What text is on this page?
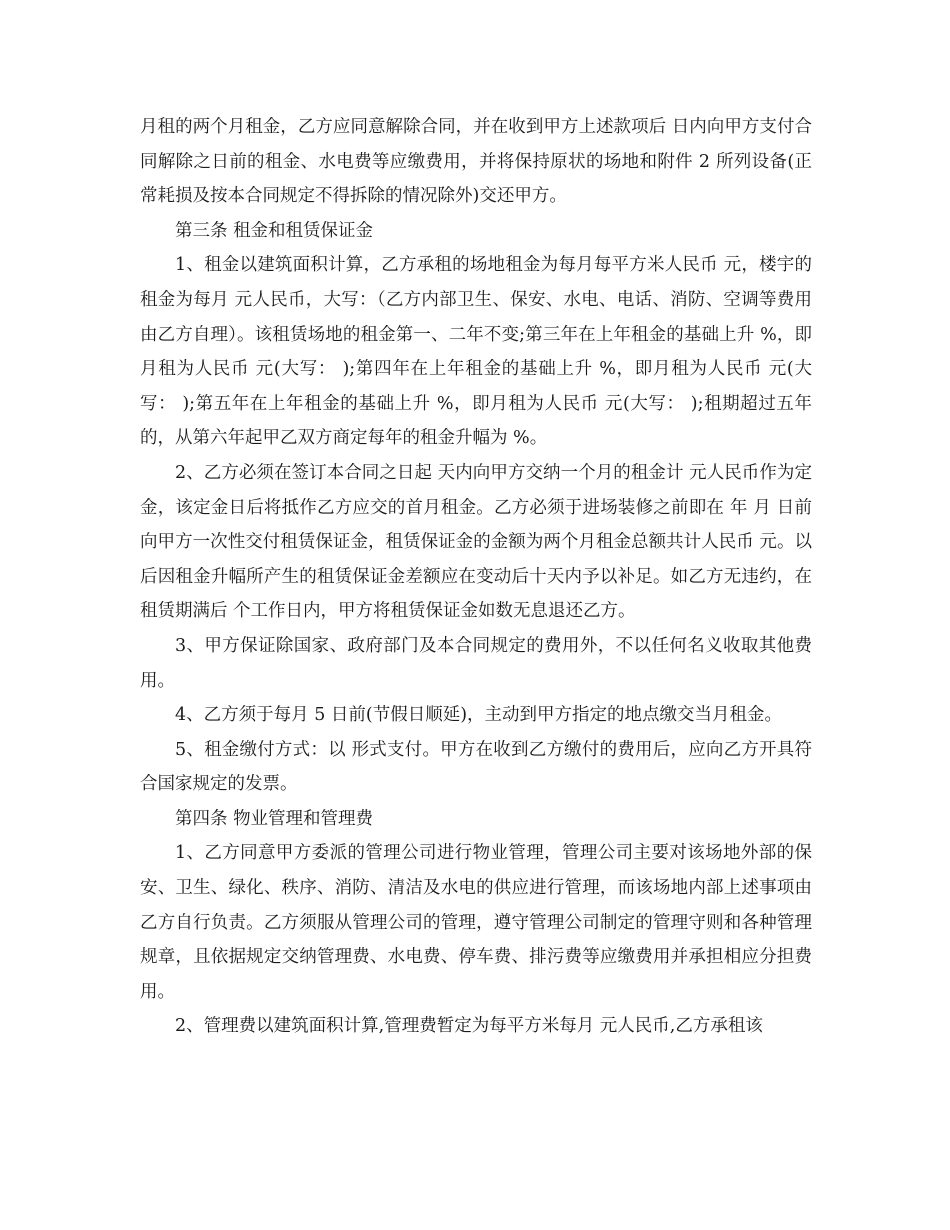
月租的两个月租金，乙方应同意解除合同，并在收到甲方上述款项后 日内向甲方支付合同解除之日前的租金、水电费等应缴费用，并将保持原状的场地和附件 2 所列设备(正常耗损及按本合同规定不得拆除的情况除外)交还甲方。

第三条 租金和租赁保证金

1、租金以建筑面积计算，乙方承租的场地租金为每月每平方米人民币 元，楼宇的租金为每月 元人民币，大写：（乙方内部卫生、保安、水电、电话、消防、空调等费用由乙方自理）。该租赁场地的租金第一、二年不变;第三年在上年租金的基础上升 %，即月租为人民币 元(大写： );第四年在上年租金的基础上升 %，即月租为人民币 元(大写： );第五年在上年租金的基础上升 %，即月租为人民币 元(大写： );租期超过五年的，从第六年起甲乙双方商定每年的租金升幅为 %。

2、乙方必须在签订本合同之日起 天内向甲方交纳一个月的租金计 元人民币作为定金，该定金日后将抵作乙方应交的首月租金。乙方必须于进场装修之前即在 年 月 日前向甲方一次性交付租赁保证金，租赁保证金的金额为两个月租金总额共计人民币 元。以后因租金升幅所产生的租赁保证金差额应在变动后十天内予以补足。如乙方无违约，在租赁期满后 个工作日内，甲方将租赁保证金如数无息退还乙方。

3、甲方保证除国家、政府部门及本合同规定的费用外，不以任何名义收取其他费用。

4、乙方须于每月 5 日前(节假日顺延)，主动到甲方指定的地点缴交当月租金。

5、租金缴付方式：以 形式支付。甲方在收到乙方缴付的费用后，应向乙方开具符合国家规定的发票。

第四条 物业管理和管理费

1、乙方同意甲方委派的管理公司进行物业管理，管理公司主要对该场地外部的保安、卫生、绿化、秩序、消防、清洁及水电的供应进行管理，而该场地内部上述事项由乙方自行负责。乙方须服从管理公司的管理，遵守管理公司制定的管理守则和各种管理规章，且依据规定交纳管理费、水电费、停车费、排污费等应缴费用并承担相应分担费用。

2、管理费以建筑面积计算,管理费暂定为每平方米每月 元人民币,乙方承租该
